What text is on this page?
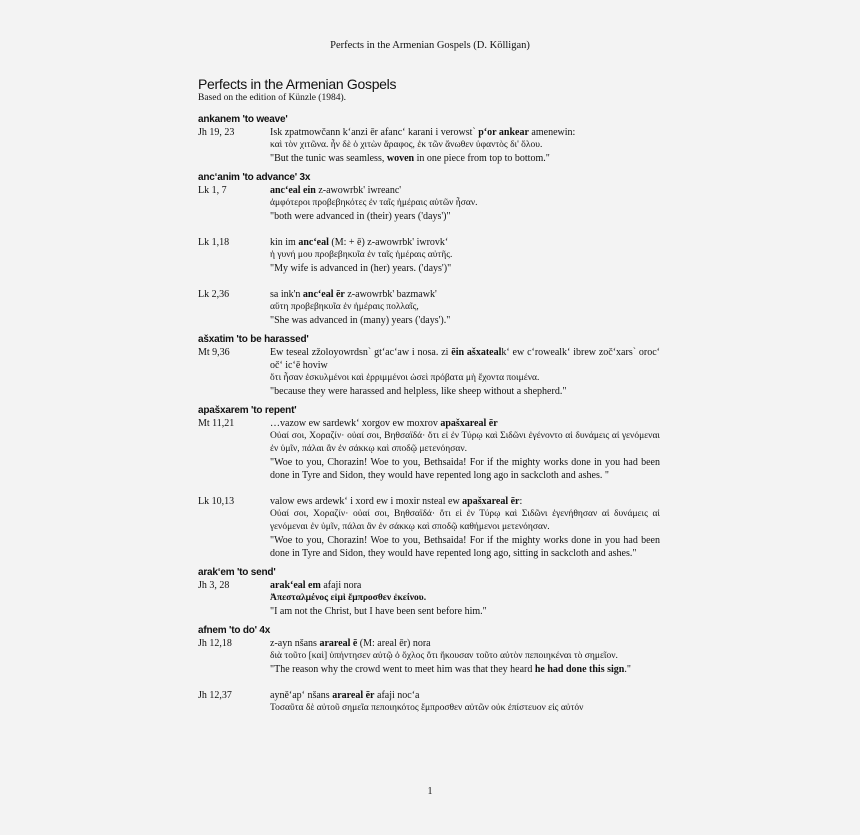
Perfects in the Armenian Gospels (D. Kölligan)
Perfects in the Armenian Gospels
Based on the edition of Künzle (1984).
ankanem 'to weave'
Jh 19, 23	Isk zpatmowčann k‘anzi ēr afanc‘ karani i verowst` p‘or ankear amenewin:
καὶ τὸν χιτῶνα. ἦν δὲ ὁ χιτὼν ἄραφος, ἐκ τῶν ἄνωθεν ὑφαντὸς δι' ὅλου.
"But the tunic was seamless, woven in one piece from top to bottom."
anc‘anim 'to advance' 3x
Lk 1, 7	anc‘eal ein z-awowrbk' iwreanc'
ἀμφότεροι προβεβηκότες ἐν ταῖς ἡμέραις αὐτῶν ἦσαν.
"both were advanced in (their) years ('days')"
Lk 1,18	kin im anc‘eal (M: + ē) z-awowrbk' iwrovk‘
ἡ γυνή μου προβεβηκυῖα ἐν ταῖς ἡμέραις αὐτῆς.
"My wife is advanced in (her) years. ('days')"
Lk 2,36	sa ink'n anc‘eal ēr z-awowrbk' bazmawk'
αὕτη προβεβηκυῖα ἐν ἡμέραις πολλαῖς,
"She was advanced in (many) years ('days')."
ašxatim 'to be harassed'
Mt 9,36	Ew teseal zžoloyowrdsn` gt‘ac‘aw i nosa. zi ēin ašxatealk‘ ew c‘rowealk‘ ibrew zoč‘xars` oroc‘ oč‘ ic‘ē hoviw
ὅτι ἦσαν ἐσκυλμένοι καὶ ἐρριμμένοι ὡσεὶ πρόβατα μὴ ἔχοντα ποιμένα.
"because they were harassed and helpless, like sheep without a shepherd."
apašxarem 'to repent'
Mt 11,21	…vazow ew sardewk‘ xorgov ew moxrov apašxareal ēr
Οὐαί σοι, Χοραζίν· οὐαί σοι, Βηθσαϊδά· ὅτι εἰ ἐν Τύρῳ καὶ Σιδῶνι ἐγένοντο αἱ δυνάμεις αἱ γενόμεναι ἐν ὑμῖν, πάλαι ἂν ἐν σάκκῳ καὶ σποδῷ μετενόησαν.
"Woe to you, Chorazin! Woe to you, Bethsaida! For if the mighty works done in you had been done in Tyre and Sidon, they would have repented long ago in sackcloth and ashes. "
Lk 10,13	valow ews ardewk‘ i xord ew i moxir nsteal ew apašxareal ēr:
Οὐαί σοι, Χοραζίν· οὐαί σοι, Βηθσαϊδά· ὅτι εἰ ἐν Τύρῳ καὶ Σιδῶνι ἐγενήθησαν αἱ δυνάμεις αἱ γενόμεναι ἐν ὑμῖν, πάλαι ἂν ἐν σάκκῳ καὶ σποδῷ καθήμενοι μετενόησαν.
"Woe to you, Chorazin! Woe to you, Bethsaida! For if the mighty works done in you had been done in Tyre and Sidon, they would have repented long ago, sitting in sackcloth and ashes."
arak‘em 'to send'
Jh 3, 28	arak‘eal em afaji nora
Ἀπεσταλμένος εἰμὶ ἔμπροσθεν ἐκείνου.
"I am not the Christ, but I have been sent before him."
afnem 'to do' 4x
Jh 12,18	z-ayn nšans arareal ē (M: areal ēr) nora
διὰ τοῦτο [καὶ] ὑπήντησεν αὐτῷ ὁ ὄχλος ὅτι ἤκουσαν τοῦτο αὐτὸν πεποιηκέναι τὸ σημεῖον.
"The reason why the crowd went to meet him was that they heard he had done this sign."
Jh 12,37	ayně‘ap‘ nšans arareal ēr afaji noc‘a
Τοσαῦτα δὲ αὐτοῦ σημεῖα πεποιηκότος ἔμπροσθεν αὐτῶν οὐκ ἐπίστευον εἰς αὐτόν
1
